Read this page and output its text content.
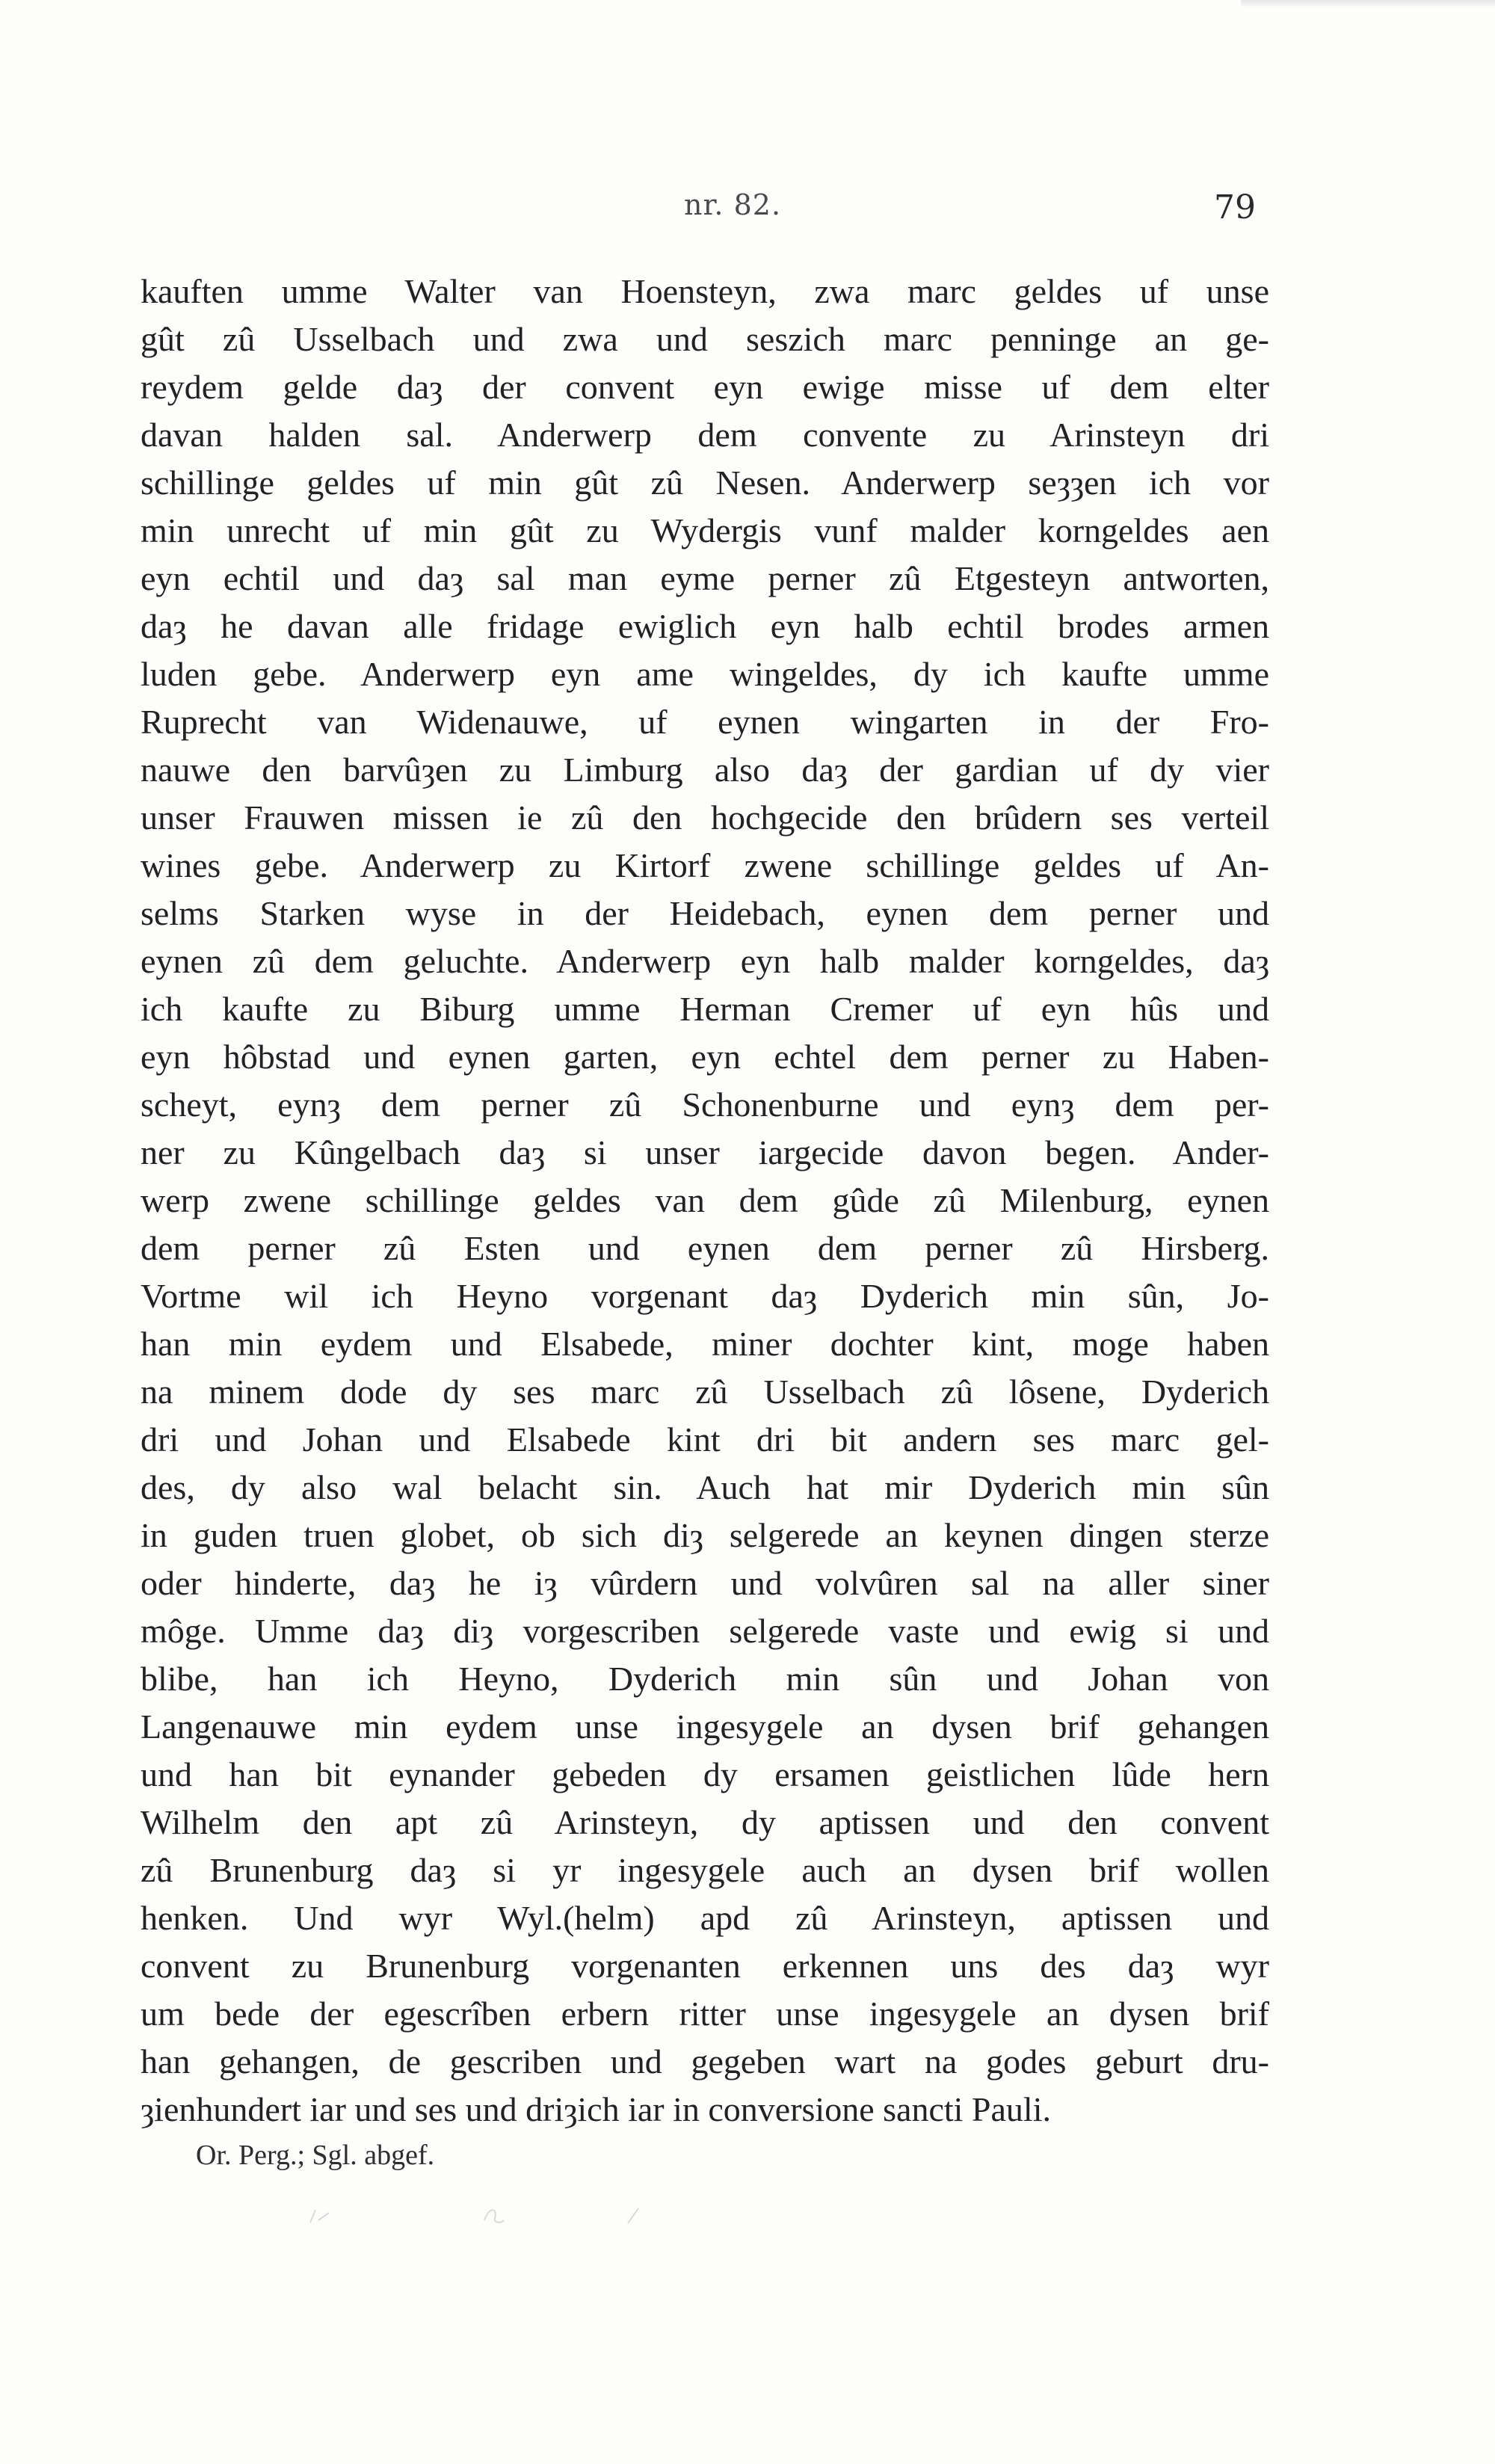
nr. 82.	79
kauften umme Walter van Hoensteyn, zwa marc geldes uf unse
gût zû Usselbach und zwa und seszich marc penninge an ge-
reydem gelde daȝ der convent eyn ewige misse uf dem elter
davan halden sal. Anderwerp dem convente zu Arinsteyn dri
schillinge geldes uf min gût zû Nesen. Anderwerp seȝȝen ich vor
min unrecht uf min gût zu Wydergis vunf malder korngeldes aen
eyn echtil und daȝ sal man eyme perner zû Etgesteyn antworten,
daȝ he davan alle fridage ewiglich eyn halb echtil brodes armen
luden gebe. Anderwerp eyn ame wingeldes, dy ich kaufte umme
Ruprecht van Widenauwe, uf eynen wingarten in der Fro-
nauwe den barvûȝen zu Limburg also daȝ der gardian uf dy vier
unser Frauwen missen ie zû den hochgecide den brûdern ses verteil
wines gebe. Anderwerp zu Kirtorf zwene schillinge geldes uf An-
selms Starken wyse in der Heidebach, eynen dem perner und
eynen zû dem geluchte. Anderwerp eyn halb malder korngeldes, daȝ
ich kaufte zu Biburg umme Herman Cremer uf eyn hûs und
eyn hôbstad und eynen garten, eyn echtel dem perner zu Haben-
scheyt, eynȝ dem perner zû Schonenburne und eynȝ dem per-
ner zu Kûngelbach daȝ si unser iargecide davon begen. Ander-
werp zwene schillinge geldes van dem gûde zû Milenburg, eynen
dem perner zû Esten und eynen dem perner zû Hirsberg.
Vortme wil ich Heyno vorgenant daȝ Dyderich min sûn, Jo-
han min eydem und Elsabede, miner dochter kint, moge haben
na minem dode dy ses marc zû Usselbach zû lôsene, Dyderich
dri und Johan und Elsabede kint dri bit andern ses marc gel-
des, dy also wal belacht sin. Auch hat mir Dyderich min sûn
in guden truen globet, ob sich diȝ selgerede an keynen dingen sterze
oder hinderte, daȝ he iȝ vûrdern und volvûren sal na aller siner
môge. Umme daȝ diȝ vorgescriben selgerede vaste und ewig si und
blibe, han ich Heyno, Dyderich min sûn und Johan von
Langenauwe min eydem unse ingesygele an dysen brif gehangen
und han bit eynander gebeden dy ersamen geistlichen lûde hern
Wilhelm den apt zû Arinsteyn, dy aptissen und den convent
zû Brunenburg daȝ si yr ingesygele auch an dysen brif wollen
henken. Und wyr Wyl.(helm) apd zû Arinsteyn, aptissen und
convent zu Brunenburg vorgenanten erkennen uns des daȝ wyr
um bede der egescrîben erbern ritter unse ingesygele an dysen brif
han gehangen, de gescriben und gegeben wart na godes geburt dru-
ȝienhundert iar und ses und driȝich iar in conversione sancti Pauli.
Or. Perg.; Sgl. abgef.
